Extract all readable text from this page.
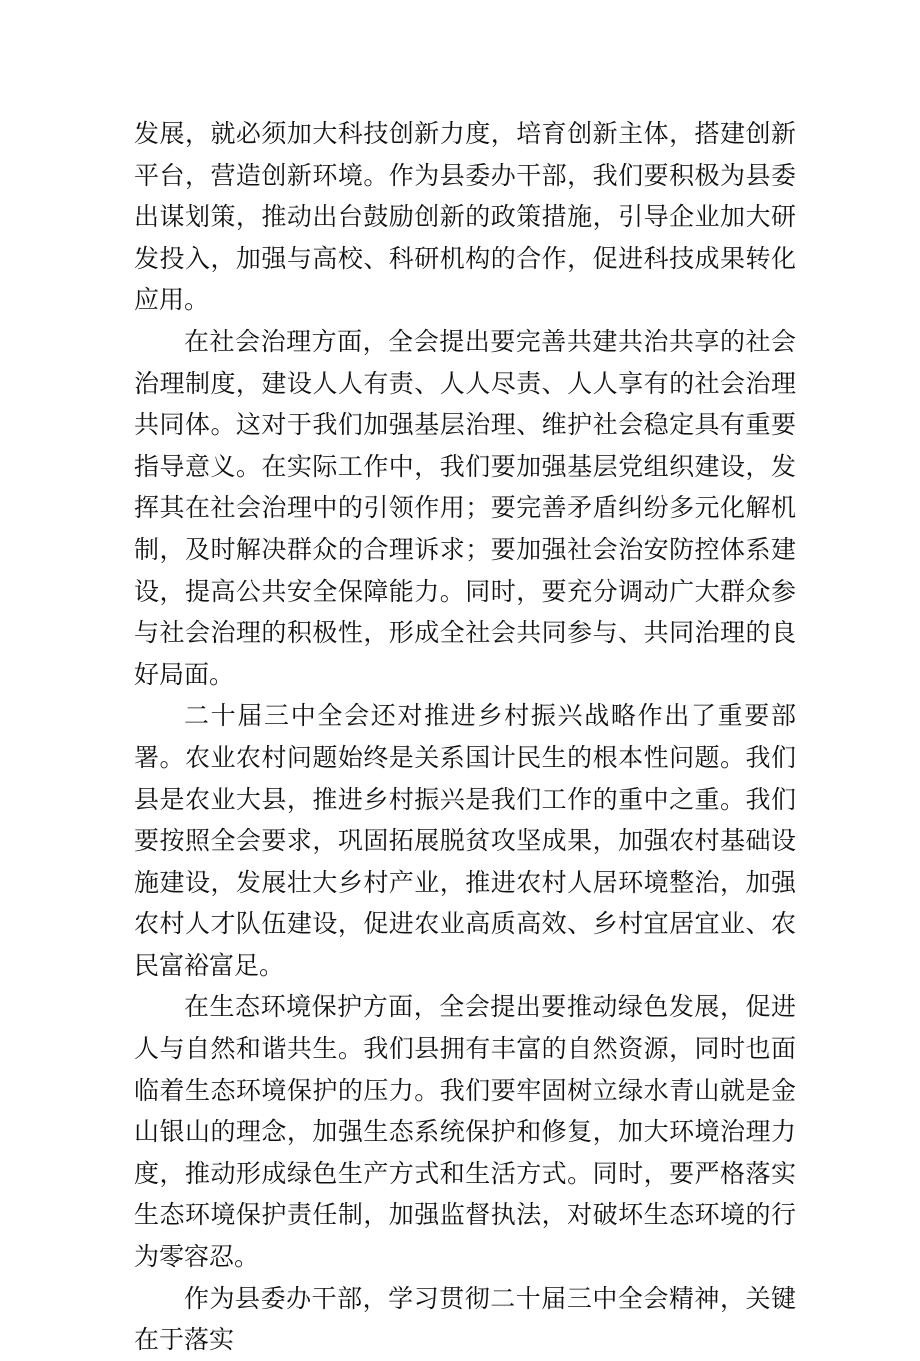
发展，就必须加大科技创新力度，培育创新主体，搭建创新平台，营造创新环境。作为县委办干部，我们要积极为县委出谋划策，推动出台鼓励创新的政策措施，引导企业加大研发投入，加强与高校、科研机构的合作，促进科技成果转化应用。

在社会治理方面，全会提出要完善共建共治共享的社会治理制度，建设人人有责、人人尽责、人人享有的社会治理共同体。这对于我们加强基层治理、维护社会稳定具有重要指导意义。在实际工作中，我们要加强基层党组织建设，发挥其在社会治理中的引领作用；要完善矛盾纠纷多元化解机制，及时解决群众的合理诉求；要加强社会治安防控体系建设，提高公共安全保障能力。同时，要充分调动广大群众参与社会治理的积极性，形成全社会共同参与、共同治理的良好局面。

二十届三中全会还对推进乡村振兴战略作出了重要部署。农业农村问题始终是关系国计民生的根本性问题。我们县是农业大县，推进乡村振兴是我们工作的重中之重。我们要按照全会要求，巩固拓展脱贫攻坚成果，加强农村基础设施建设，发展壮大乡村产业，推进农村人居环境整治，加强农村人才队伍建设，促进农业高质高效、乡村宜居宜业、农民富裕富足。

在生态环境保护方面，全会提出要推动绿色发展，促进人与自然和谐共生。我们县拥有丰富的自然资源，同时也面临着生态环境保护的压力。我们要牢固树立绿水青山就是金山银山的理念，加强生态系统保护和修复，加大环境治理力度，推动形成绿色生产方式和生活方式。同时，要严格落实生态环境保护责任制，加强监督执法，对破坏生态环境的行为零容忍。

作为县委办干部，学习贯彻二十届三中全会精神，关键在于落实
